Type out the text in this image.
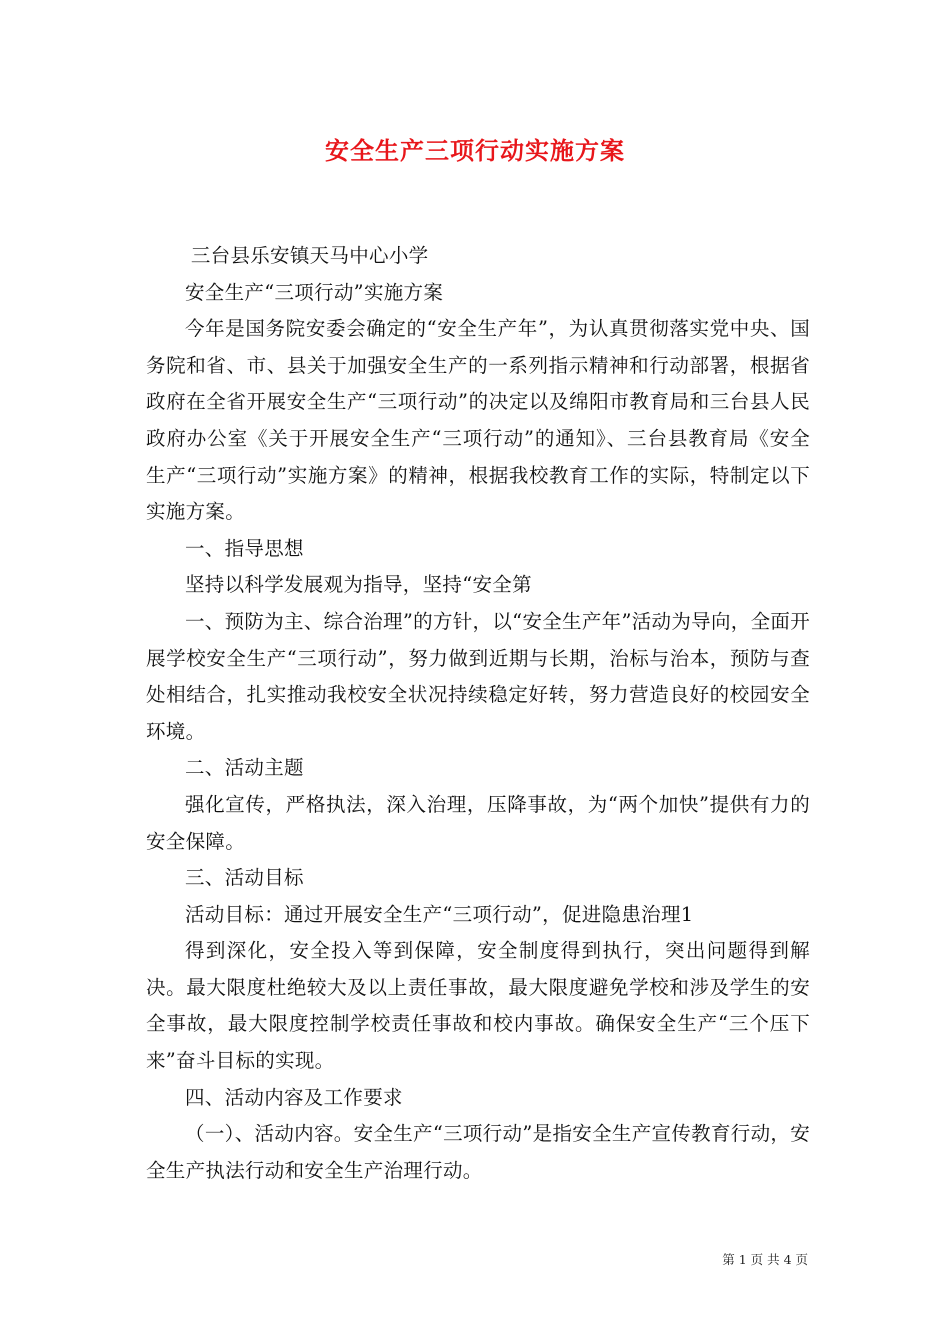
安全生产三项行动实施方案

三台县乐安镇天马中心小学

安全生产“三项行动”实施方案

今年是国务院安委会确定的“安全生产年”，为认真贯彻落实党中央、国务院和省、市、县关于加强安全生产的一系列指示精神和行动部署，根据省政府在全省开展安全生产“三项行动”的决定以及绵阳市教育局和三台县人民政府办公室《关于开展安全生产“三项行动”的通知》、三台县教育局《安全生产“三项行动”实施方案》的精神，根据我校教育工作的实际，特制定以下实施方案。

一、指导思想

坚持以科学发展观为指导，坚持“安全第

一、预防为主、综合治理”的方针，以“安全生产年”活动为导向，全面开展学校安全生产“三项行动”，努力做到近期与长期，治标与治本，预防与查处相结合，扎实推动我校安全状况持续稳定好转，努力营造良好的校园安全环境。

二、活动主题

强化宣传，严格执法，深入治理，压降事故，为“两个加快”提供有力的安全保障。

三、活动目标

活动目标：通过开展安全生产“三项行动”，促进隐患治理1

得到深化，安全投入等到保障，安全制度得到执行，突出问题得到解决。最大限度杜绝较大及以上责任事故，最大限度避免学校和涉及学生的安全事故，最大限度控制学校责任事故和校内事故。确保安全生产“三个压下来”奋斗目标的实现。

四、活动内容及工作要求

（一）、活动内容。安全生产“三项行动”是指安全生产宣传教育行动，安全生产执法行动和安全生产治理行动。

第 1 页 共 4 页
